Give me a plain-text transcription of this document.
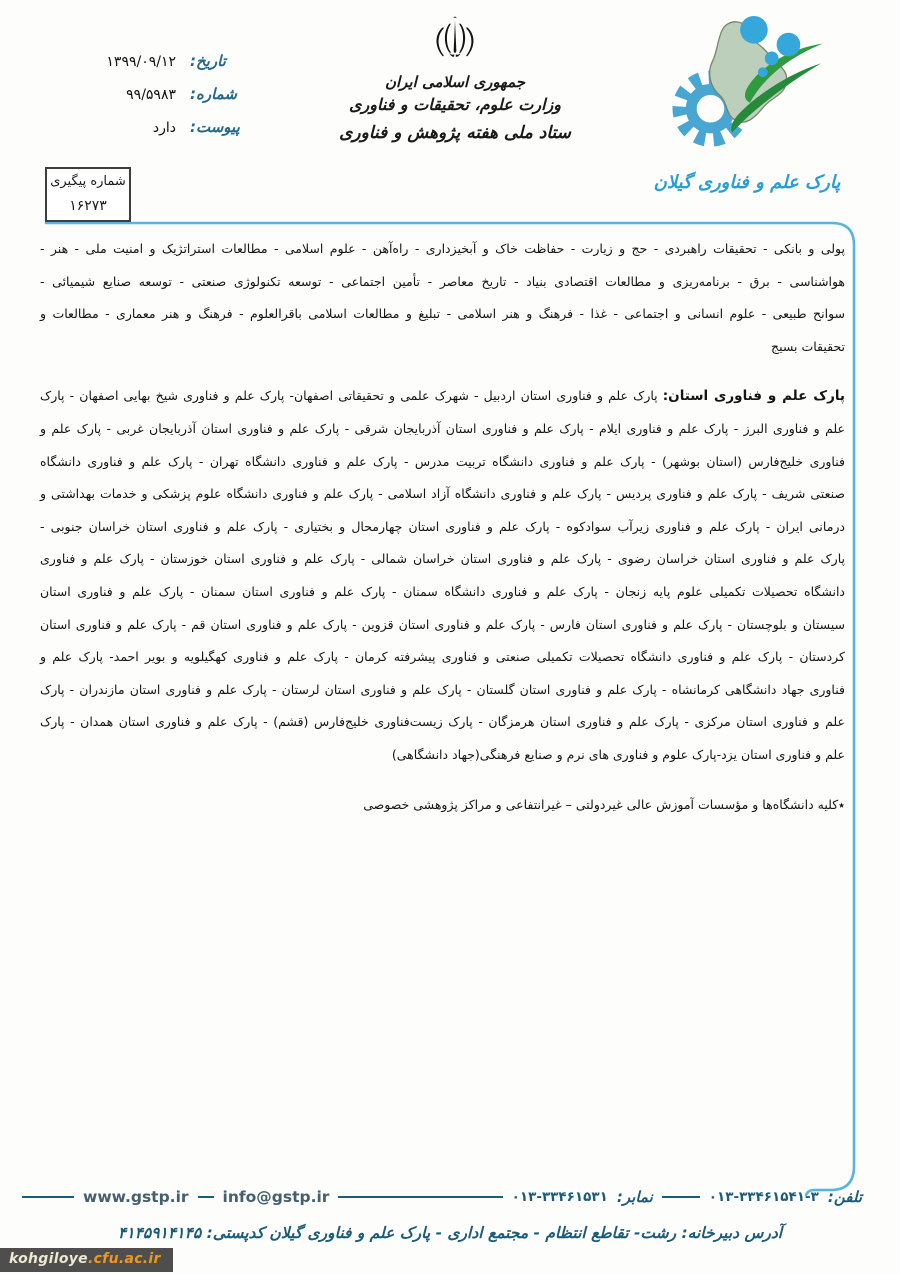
تاریخ:
۱۳۹۹/۰۹/۱۲
شماره:
۹۹/۵۹۸۳
پیوست:
دارد
شماره پیگیری
۱۶۲۷۳
جمهوری اسلامی ایران
وزارت علوم، تحقیقات و فناوری
ستاد ملی هفته پژوهش و فناوری
پارک علم و فناوری گیلان
پولی و بانکی - تحقیقات راهبردی - حج و زیارت - حفاظت خاک و آبخیزداری - راه‌آهن - علوم اسلامی - مطالعات استراتژیک و امنیت ملی - هنر -
هواشناسی - برق - برنامه‌ریزی و مطالعات اقتصادی بنیاد - تاریخ معاصر - تأمین اجتماعی - توسعه تکنولوژی صنعتی - توسعه صنایع شیمیائی -
سوانح طبیعی - علوم انسانی و اجتماعی - غذا - فرهنگ و هنر اسلامی - تبلیغ و مطالعات اسلامی باقرالعلوم - فرهنگ و هنر معماری - مطالعات و
تحقیقات بسیج
پارک علم و فناوری استان: پارک علم و فناوری استان اردبیل - شهرک علمی و تحقیقاتی اصفهان- پارک علم و فناوری شیخ بهایی اصفهان - پارک
علم و فناوری البرز - پارک علم و فناوری ایلام - پارک علم و فناوری استان آذربایجان شرقی - پارک علم و فناوری استان آذربایجان غربی - پارک علم و
فناوری خلیج‌فارس (استان بوشهر) - پارک علم و فناوری دانشگاه تربیت مدرس - پارک علم و فناوری دانشگاه تهران - پارک علم و فناوری دانشگاه
صنعتی شریف - پارک علم و فناوری پردیس - پارک علم و فناوری دانشگاه آزاد اسلامی - پارک علم و فناوری دانشگاه علوم پزشکی و خدمات بهداشتی و
درمانی ایران - پارک علم و فناوری زیرآب سوادکوه - پارک علم و فناوری استان چهارمحال و بختیاری - پارک علم و فناوری استان خراسان جنوبی -
پارک علم و فناوری استان خراسان رضوی - پارک علم و فناوری استان خراسان شمالی - پارک علم و فناوری استان خوزستان - پارک علم و فناوری
دانشگاه تحصیلات تکمیلی علوم پایه زنجان - پارک علم و فناوری دانشگاه سمنان - پارک علم و فناوری استان سمنان - پارک علم و فناوری استان
سیستان و بلوچستان - پارک علم و فناوری استان فارس - پارک علم و فناوری استان قزوین - پارک علم و فناوری استان قم - پارک علم و فناوری استان
کردستان - پارک علم و فناوری دانشگاه تحصیلات تکمیلی صنعتی و فناوری پیشرفته کرمان - پارک علم و فناوری کهگیلویه و بویر احمد- پارک علم و
فناوری جهاد دانشگاهی کرمانشاه - پارک علم و فناوری استان گلستان - پارک علم و فناوری استان لرستان - پارک علم و فناوری استان مازندران - پارک
علم و فناوری استان مرکزی - پارک علم و فناوری استان هرمزگان - پارک زیست‌فناوری خلیج‌فارس (قشم) - پارک علم و فناوری استان همدان - پارک
علم و فناوری استان یزد-پارک علوم و فناوری های نرم و صنایع فرهنگی(جهاد دانشگاهی)
٭کلیه دانشگاه‌ها و مؤسسات آموزش عالی غیردولتی – غیرانتفاعی و مراکز پژوهشی خصوصی
تلفن:
۰۱۳-۳۳۴۶۱۵۴۱-۳
نمابر:
۰۱۳-۳۳۴۶۱۵۳۱
info@gstp.ir
www.gstp.ir
آدرس دبیرخانه: رشت- تقاطع انتظام - مجتمع اداری - پارک علم و فناوری گیلان کدپستی: ۴۱۴۵۹۱۴۱۴۵
kohgiloye.cfu.ac.ir
